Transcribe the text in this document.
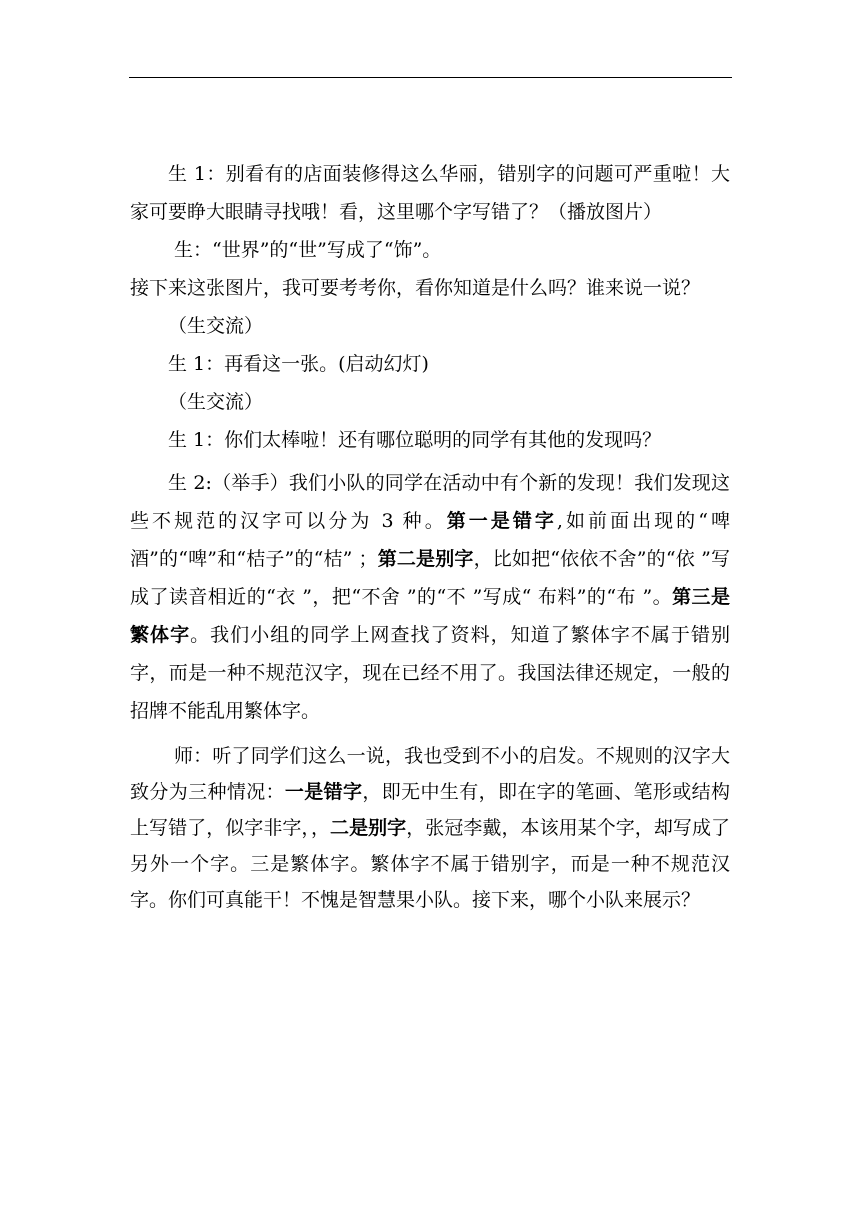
生 1：别看有的店面装修得这么华丽，错别字的问题可严重啦！大家可要睁大眼睛寻找哦！看，这里哪个字写错了？（播放图片）

生：“世界”的“世”写成了“饰”。

接下来这张图片，我可要考考你，看你知道是什么吗？谁来说一说？

（生交流）

生 1：再看这一张。(启动幻灯)

（生交流）

生 1：你们太棒啦！还有哪位聪明的同学有其他的发现吗？

生 2:（举手）我们小队的同学在活动中有个新的发现！我们发现这些不规范的汉字可以分为 3 种。第一是错字,如前面出现的“啤酒”的“啤”和“桔子”的“桔” ；第二是别字，比如把“依依不舍”的“依 ”写成了读音相近的“衣 ”，把“不舍 ”的“不 ”写成“ 布料”的“布 ”。第三是繁体字。我们小组的同学上网查找了资料，知道了繁体字不属于错别字，而是一种不规范汉字，现在已经不用了。我国法律还规定，一般的招牌不能乱用繁体字。

师：听了同学们这么一说，我也受到不小的启发。不规则的汉字大致分为三种情况：一是错字，即无中生有，即在字的笔画、笔形或结构上写错了，似字非字，，二是别字，张冠李戴，本该用某个字，却写成了另外一个字。三是繁体字。繁体字不属于错别字，而是一种不规范汉字。你们可真能干！不愧是智慧果小队。接下来，哪个小队来展示？
